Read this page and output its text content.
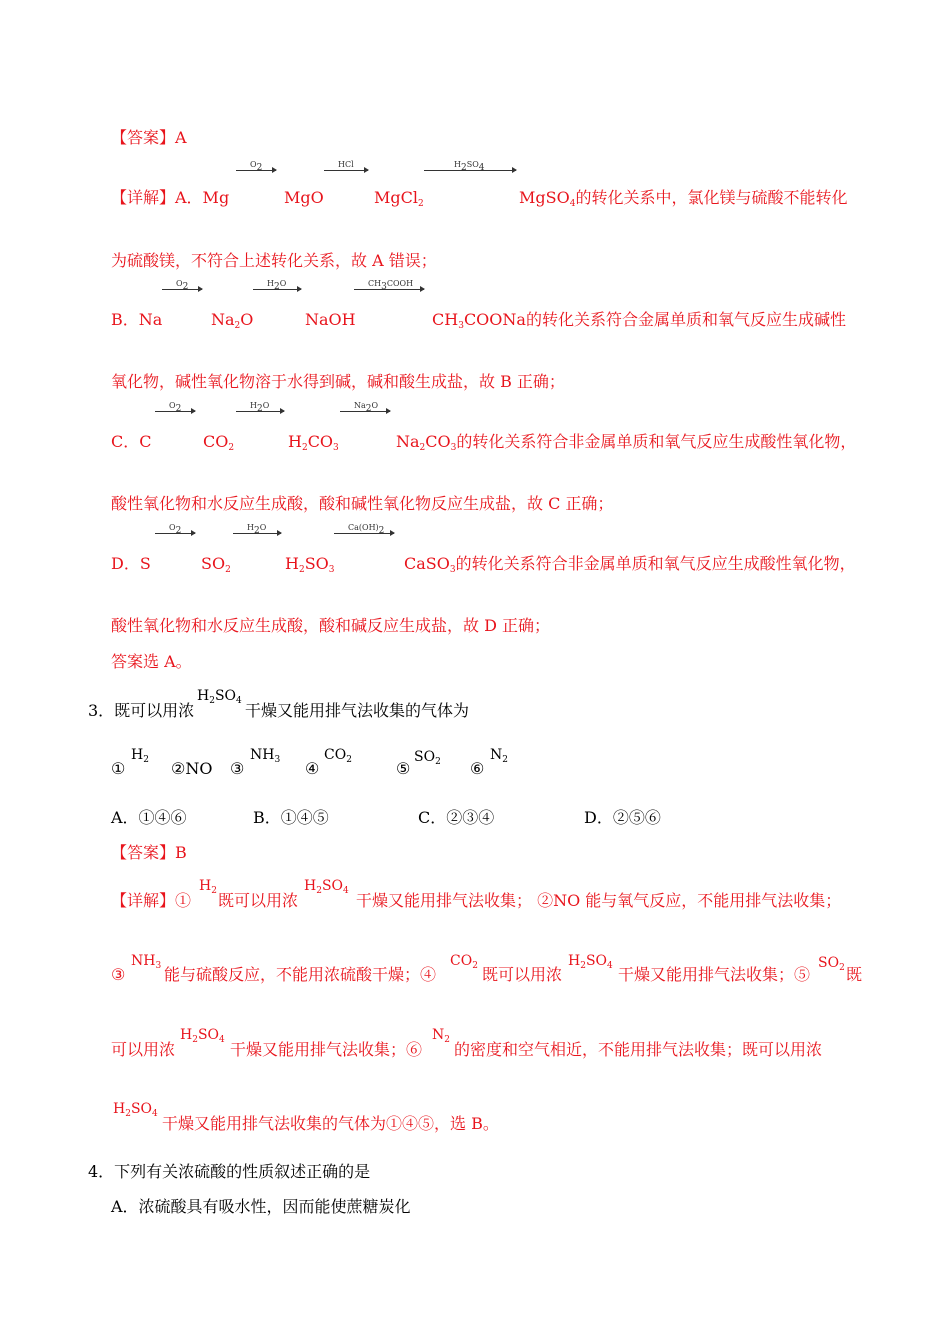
【答案】A
O2	HCl	H2SO4
【详解】A．Mg	MgO	MgCl2	MgSO4的转化关系中，氯化镁与硫酸不能转化
为硫酸镁，不符合上述转化关系，故 A 错误；
O2	H2O	CH3COOH
B．Na	Na2O	NaOH	CH3COONa的转化关系符合金属单质和氧气反应生成碱性
氧化物，碱性氧化物溶于水得到碱，碱和酸生成盐，故 B 正确；
O2	H2O	Na2O
C．C	CO2	H2CO3	Na2CO3的转化关系符合非金属单质和氧气反应生成酸性氧化物，
酸性氧化物和水反应生成酸，酸和碱性氧化物反应生成盐，故 C 正确；
O2	H2O	Ca(OH)2
D．S	SO2	H2SO3	CaSO3的转化关系符合非金属单质和氧气反应生成酸性氧化物，
酸性氧化物和水反应生成酸，酸和碱反应生成盐，故 D 正确；
答案选 A。
3．既可以用浓
$H_2SO_4$ 干燥又能用排气法收集的气体为
①
$H_2$ ②NO ③
$NH_3$ ④
$CO_2$	⑤
$SO_2$ ⑥
$N_2$
A．①④⑥	B．①④⑤	C．②③④	D．②⑤⑥
【答案】B
【详解】①
$H_2$ 既可以用浓
$H_2SO_4$ 干燥又能用排气法收集； ②NO 能与氧气反应，不能用排气法收集；
③
$NH_3$ 能与硫酸反应，不能用浓硫酸干燥；④
$CO_2$ 既可以用浓
$H_2SO_4$ 干燥又能用排气法收集；⑤
$SO_2$ 既
可以用浓
$H_2SO_4$ 干燥又能用排气法收集；⑥
$N_2$ 的密度和空气相近，不能用排气法收集；既可以用浓
$H_2SO_4$ 干燥又能用排气法收集的气体为①④⑤，选 B。
4．下列有关浓硫酸的性质叙述正确的是
A．浓硫酸具有吸水性，因而能使蔗糖炭化
